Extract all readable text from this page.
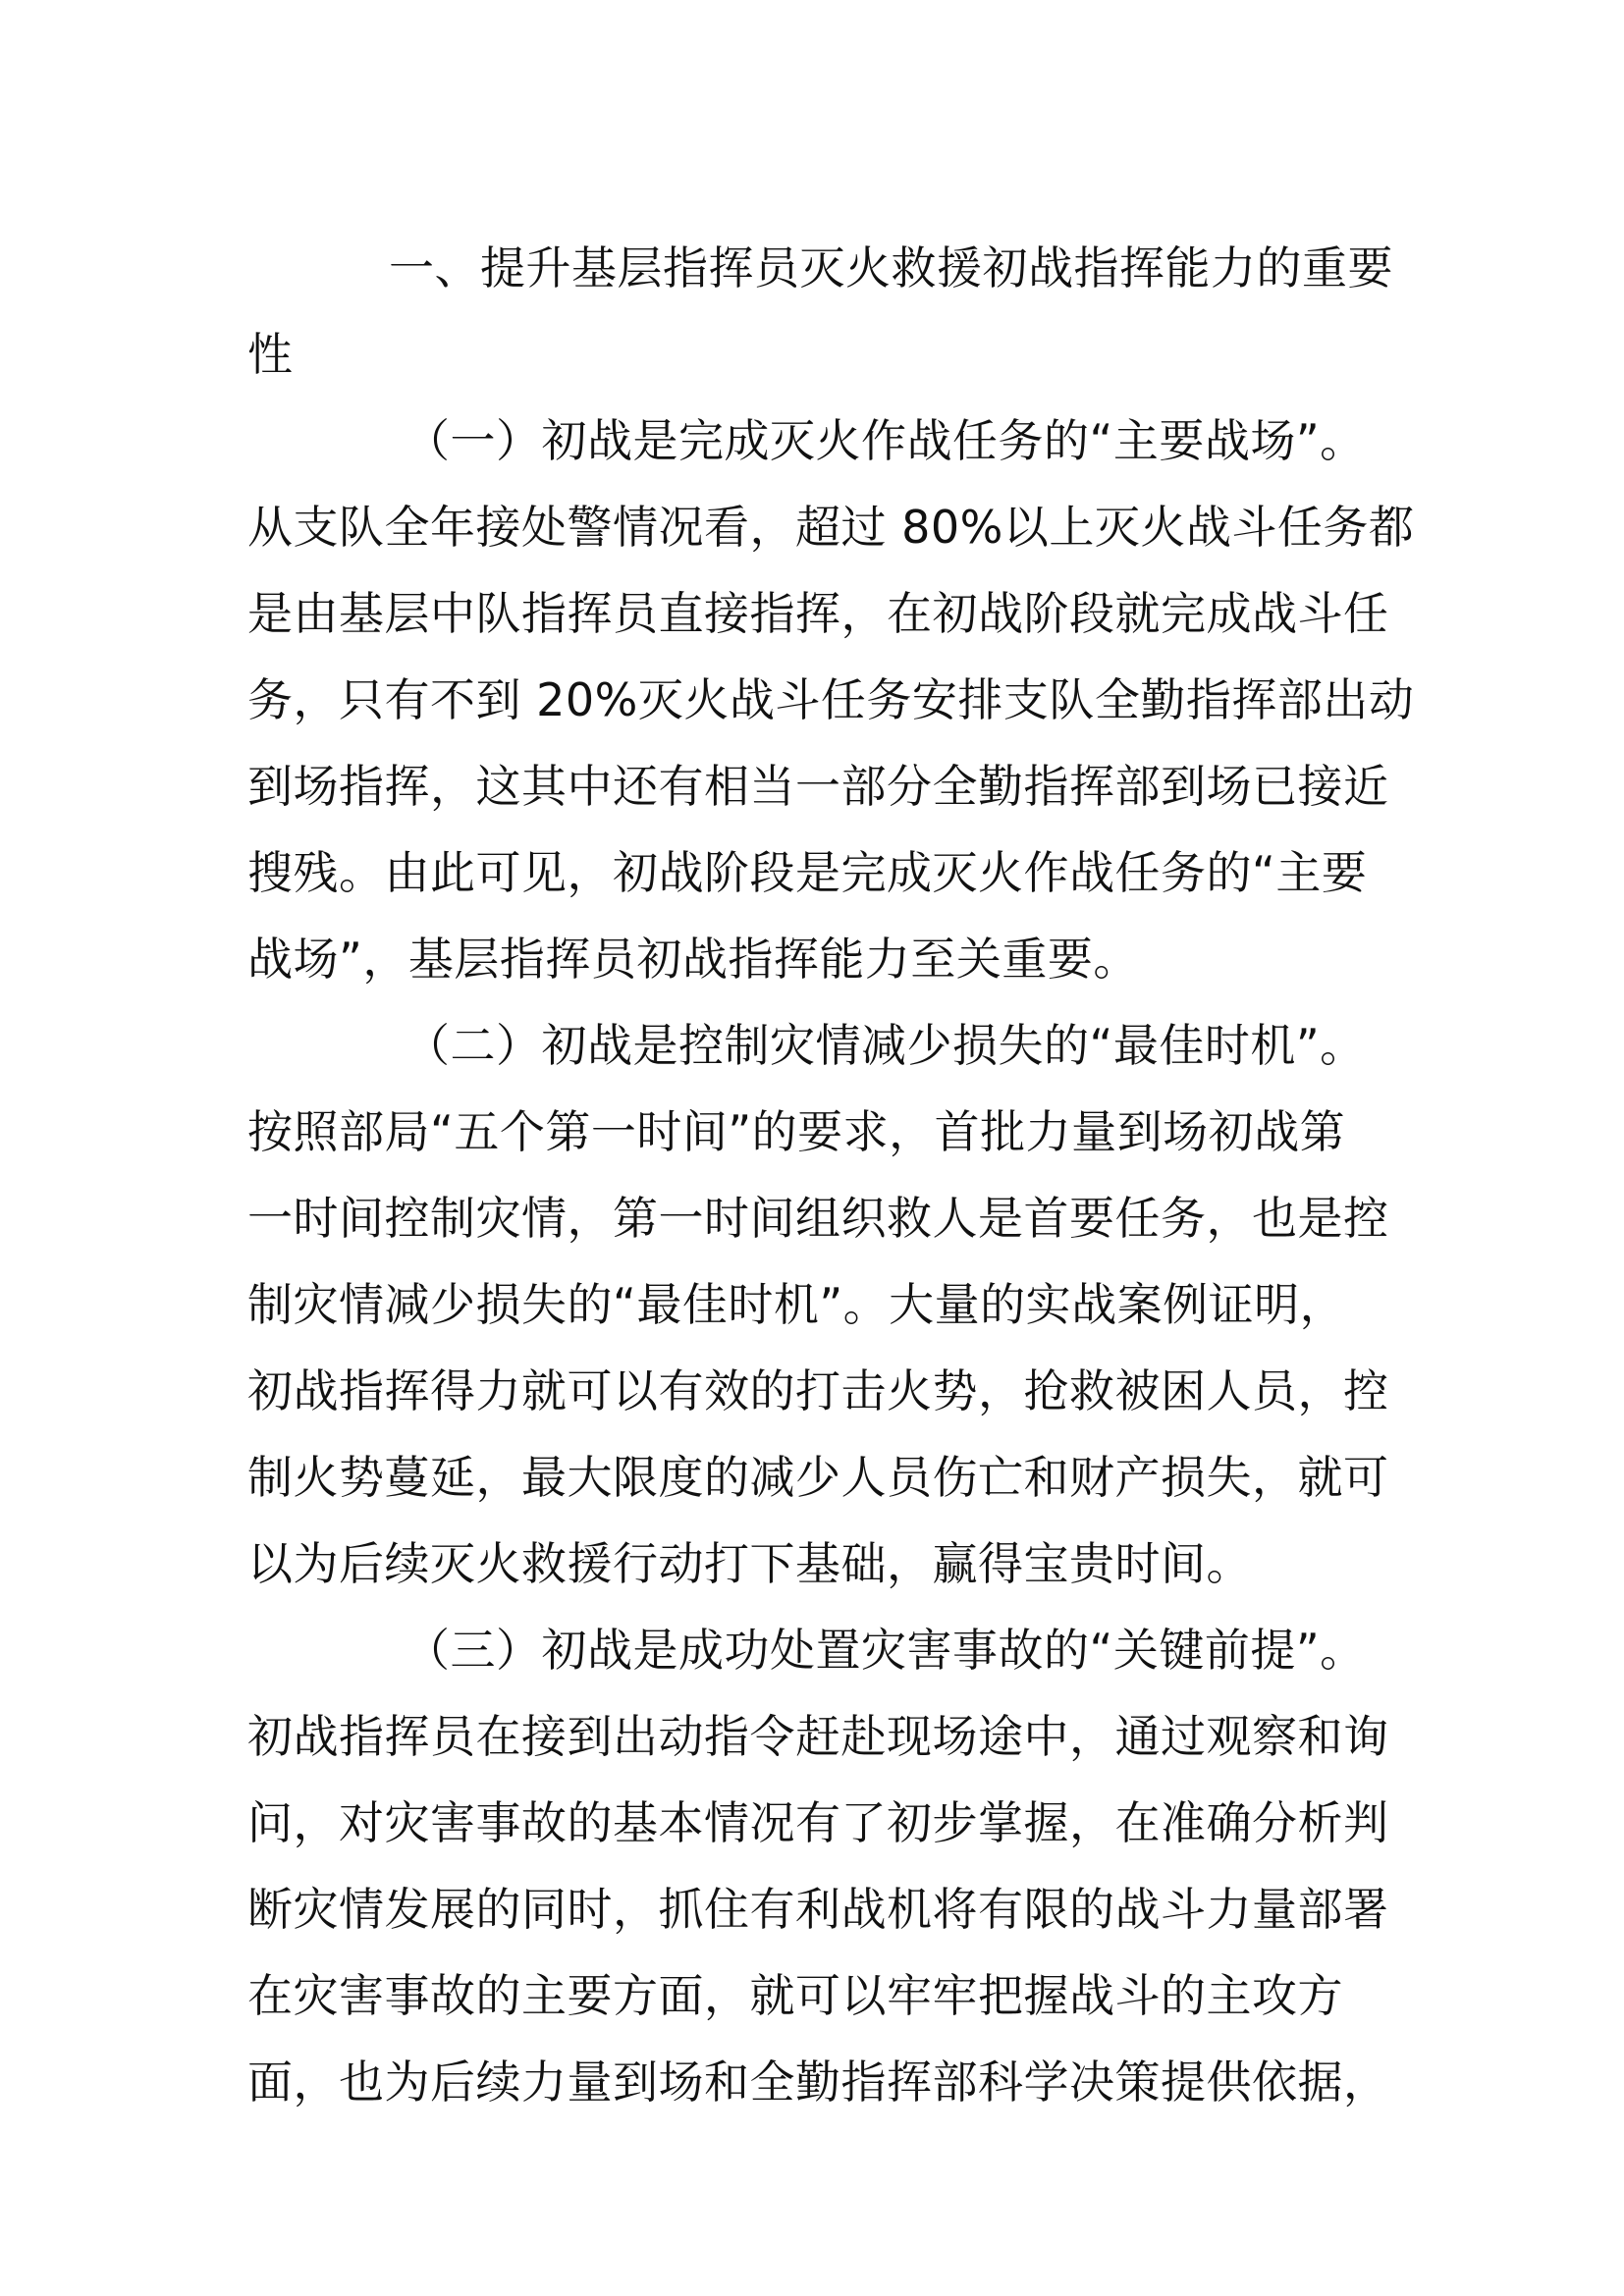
一、提升基层指挥员灭火救援初战指挥能力的重要
性
（一）初战是完成灭火作战任务的“主要战场”。
从支队全年接处警情况看，超过 80%以上灭火战斗任务都
是由基层中队指挥员直接指挥，在初战阶段就完成战斗任
务，只有不到 20%灭火战斗任务安排支队全勤指挥部出动
到场指挥，这其中还有相当一部分全勤指挥部到场已接近
搜残。由此可见，初战阶段是完成灭火作战任务的“主要
战场”，基层指挥员初战指挥能力至关重要。
（二）初战是控制灾情减少损失的“最佳时机”。
按照部局“五个第一时间”的要求，首批力量到场初战第
一时间控制灾情，第一时间组织救人是首要任务，也是控
制灾情减少损失的“最佳时机”。大量的实战案例证明，
初战指挥得力就可以有效的打击火势，抢救被困人员，控
制火势蔓延，最大限度的减少人员伤亡和财产损失，就可
以为后续灭火救援行动打下基础，赢得宝贵时间。
（三）初战是成功处置灾害事故的“关键前提”。
初战指挥员在接到出动指令赶赴现场途中，通过观察和询
问，对灾害事故的基本情况有了初步掌握，在准确分析判
断灾情发展的同时，抓住有利战机将有限的战斗力量部署
在灾害事故的主要方面，就可以牢牢把握战斗的主攻方
面，也为后续力量到场和全勤指挥部科学决策提供依据，
